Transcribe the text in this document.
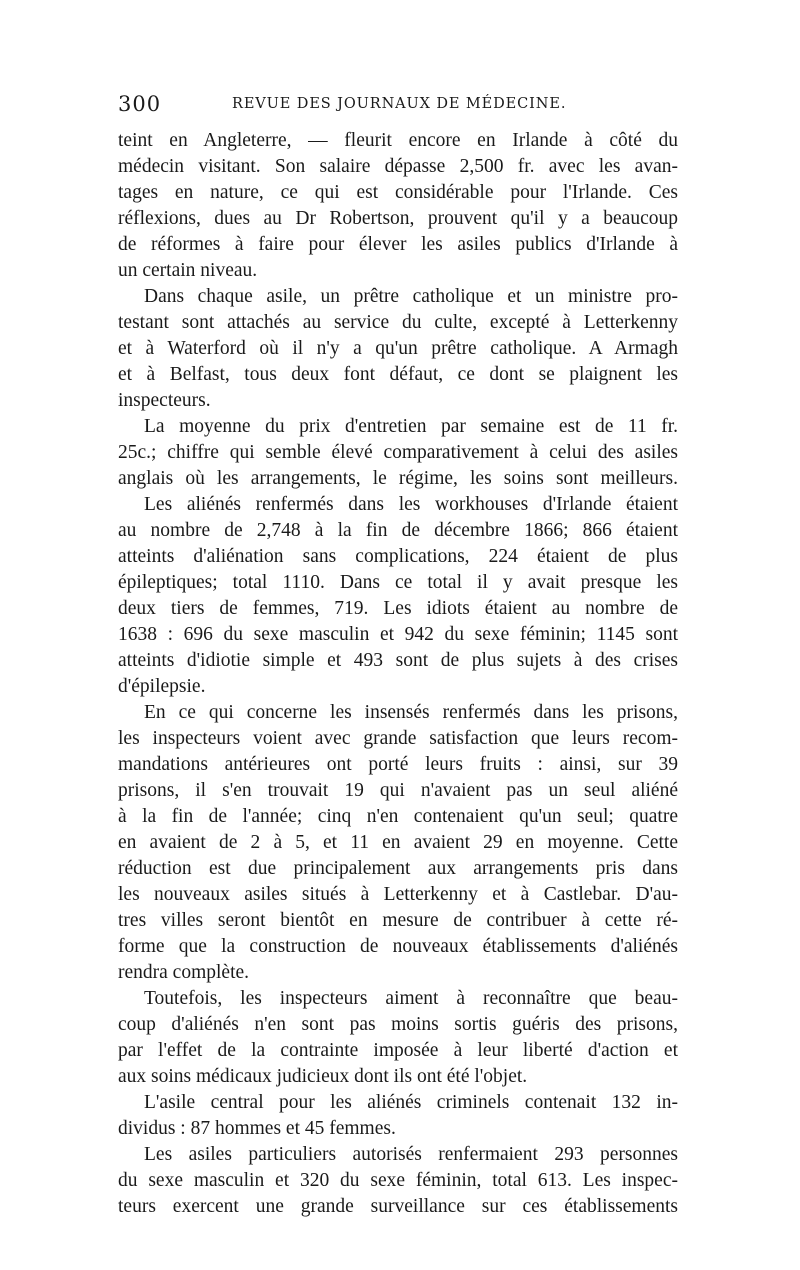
300	REVUE DES JOURNAUX DE MÉDECINE.
teint en Angleterre, — fleurit encore en Irlande à côté du
médecin visitant. Son salaire dépasse 2,500 fr. avec les avan-
tages en nature, ce qui est considérable pour l'Irlande. Ces
réflexions, dues au Dr Robertson, prouvent qu'il y a beaucoup
de réformes à faire pour élever les asiles publics d'Irlande à
un certain niveau.
Dans chaque asile, un prêtre catholique et un ministre pro-
testant sont attachés au service du culte, excepté à Letterkenny
et à Waterford où il n'y a qu'un prêtre catholique. A Armagh
et à Belfast, tous deux font défaut, ce dont se plaignent les
inspecteurs.
La moyenne du prix d'entretien par semaine est de 11 fr.
25c.; chiffre qui semble élevé comparativement à celui des asiles
anglais où les arrangements, le régime, les soins sont meilleurs.
Les aliénés renfermés dans les workhouses d'Irlande étaient
au nombre de 2,748 à la fin de décembre 1866; 866 étaient
atteints d'aliénation sans complications, 224 étaient de plus
épileptiques; total 1110. Dans ce total il y avait presque les
deux tiers de femmes, 719. Les idiots étaient au nombre de
1638 : 696 du sexe masculin et 942 du sexe féminin; 1145 sont
atteints d'idiotie simple et 493 sont de plus sujets à des crises
d'épilepsie.
En ce qui concerne les insensés renfermés dans les prisons,
les inspecteurs voient avec grande satisfaction que leurs recom-
mandations antérieures ont porté leurs fruits : ainsi, sur 39
prisons, il s'en trouvait 19 qui n'avaient pas un seul aliéné
à la fin de l'année; cinq n'en contenaient qu'un seul; quatre
en avaient de 2 à 5, et 11 en avaient 29 en moyenne. Cette
réduction est due principalement aux arrangements pris dans
les nouveaux asiles situés à Letterkenny et à Castlebar. D'au-
tres villes seront bientôt en mesure de contribuer à cette ré-
forme que la construction de nouveaux établissements d'aliénés
rendra complète.
Toutefois, les inspecteurs aiment à reconnaître que beau-
coup d'aliénés n'en sont pas moins sortis guéris des prisons,
par l'effet de la contrainte imposée à leur liberté d'action et
aux soins médicaux judicieux dont ils ont été l'objet.
L'asile central pour les aliénés criminels contenait 132 in-
dividus : 87 hommes et 45 femmes.
Les asiles particuliers autorisés renfermaient 293 personnes
du sexe masculin et 320 du sexe féminin, total 613. Les inspec-
teurs exercent une grande surveillance sur ces établissements
